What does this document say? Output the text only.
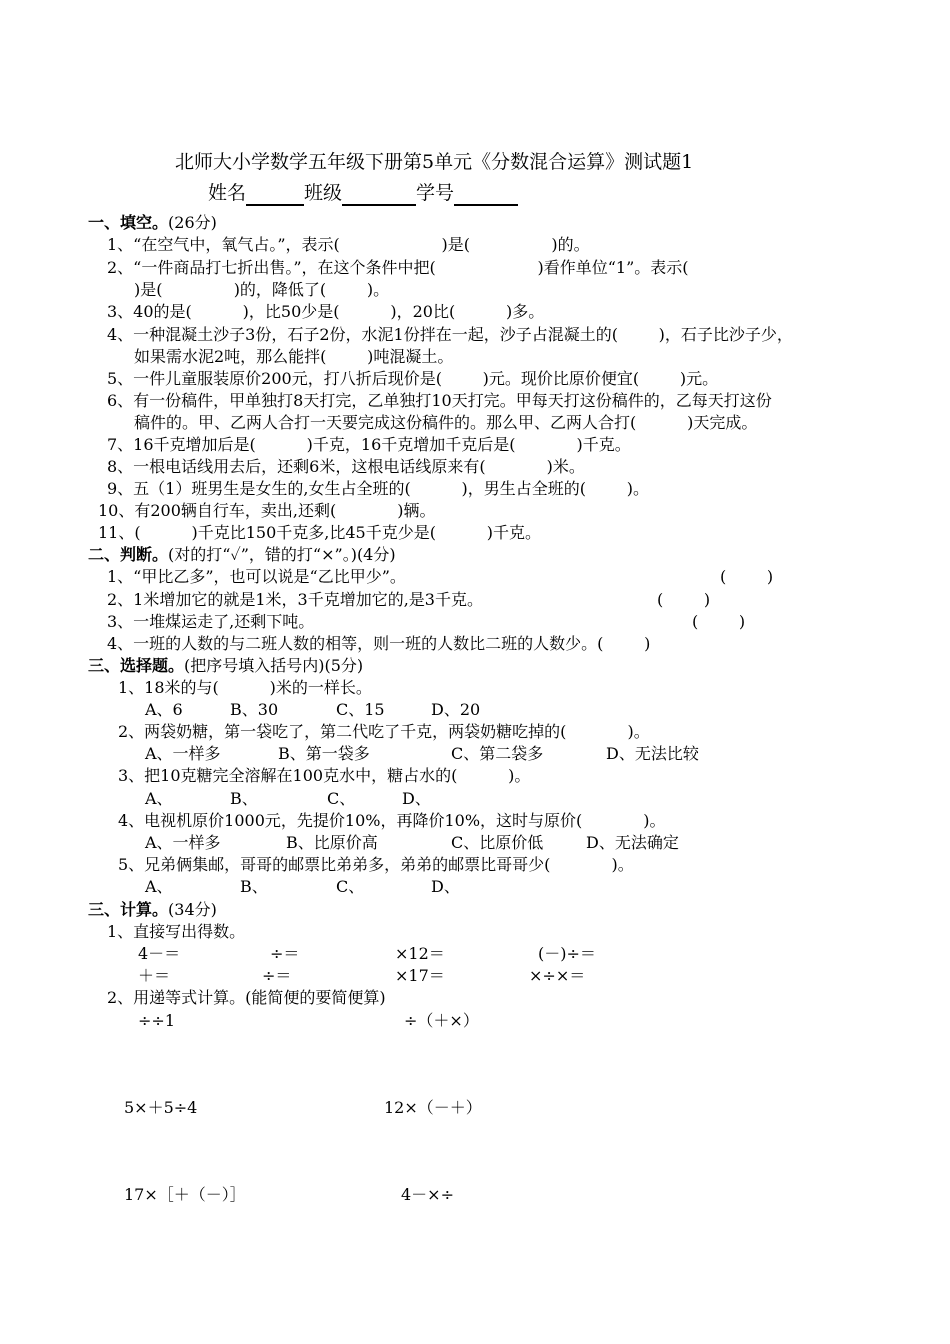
北师大小学数学五年级下册第5单元《分数混合运算》测试题1
姓名	班级	学号
一、填空。(26分)
1、“在空气中，氧气占。”，表示(                    )是(                )的。
2、“一件商品打七折出售。”，在这个条件中把(                    )看作单位“1”。表示(
)是(              )的，降低了(        )。
3、40的是(          )，比50少是(          )，20比(          )多。
4、一种混凝土沙子3份，石子2份，水泥1份拌在一起，沙子占混凝土的(        )，石子比沙子少，
如果需水泥2吨，那么能拌(        )吨混凝土。
5、一件儿童服装原价200元，打八折后现价是(        )元。现价比原价便宜(        )元。
6、有一份稿件，甲单独打8天打完，乙单独打10天打完。甲每天打这份稿件的，乙每天打这份
稿件的。甲、乙两人合打一天要完成这份稿件的。那么甲、乙两人合打(          )天完成。
7、16千克增加后是(          )千克，16千克增加千克后是(            )千克。
8、一根电话线用去后，还剩6米，这根电话线原来有(            )米。
9、五（1）班男生是女生的,女生占全班的(          )，男生占全班的(        )。
10、有200辆自行车，卖出,还剩(            )辆。
11、(          )千克比150千克多,比45千克少是(          )千克。
二、判断。(对的打“✓”，错的打“×”。)(4分)
1、“甲比乙多”，也可以说是“乙比甲少”。	(        )
2、1米增加它的就是1米，3千克增加它的,是3千克。	(        )
3、一堆煤运走了,还剩下吨。	(        )
4、一班的人数的与二班人数的相等，则一班的人数比二班的人数少。(        )
三、选择题。(把序号填入括号内)(5分)
1、18米的与(          )米的一样长。
A、6	B、30	C、15	D、20
2、两袋奶糖，第一袋吃了，第二代吃了千克，两袋奶糖吃掉的(            )。
A、一样多	B、第一袋多	C、第二袋多	D、无法比较
3、把10克糖完全溶解在100克水中，糖占水的(          )。
A、	B、	C、	D、
4、电视机原价1000元，先提价10%，再降价10%，这时与原价(            )。
A、一样多	B、比原价高	C、比原价低	D、无法确定
5、兄弟俩集邮，哥哥的邮票比弟弟多，弟弟的邮票比哥哥少(            )。
A、	B、	C、	D、
三、计算。(34分)
1、直接写出得数。
4－＝	÷＝	×12＝	(－)÷＝
＋＝	÷＝	×17＝	×÷×＝
2、用递等式计算。(能简便的要简便算)
÷÷1	÷（＋×）
5×＋5÷4	12×（－＋）
17×［＋（－）］	4－×÷
